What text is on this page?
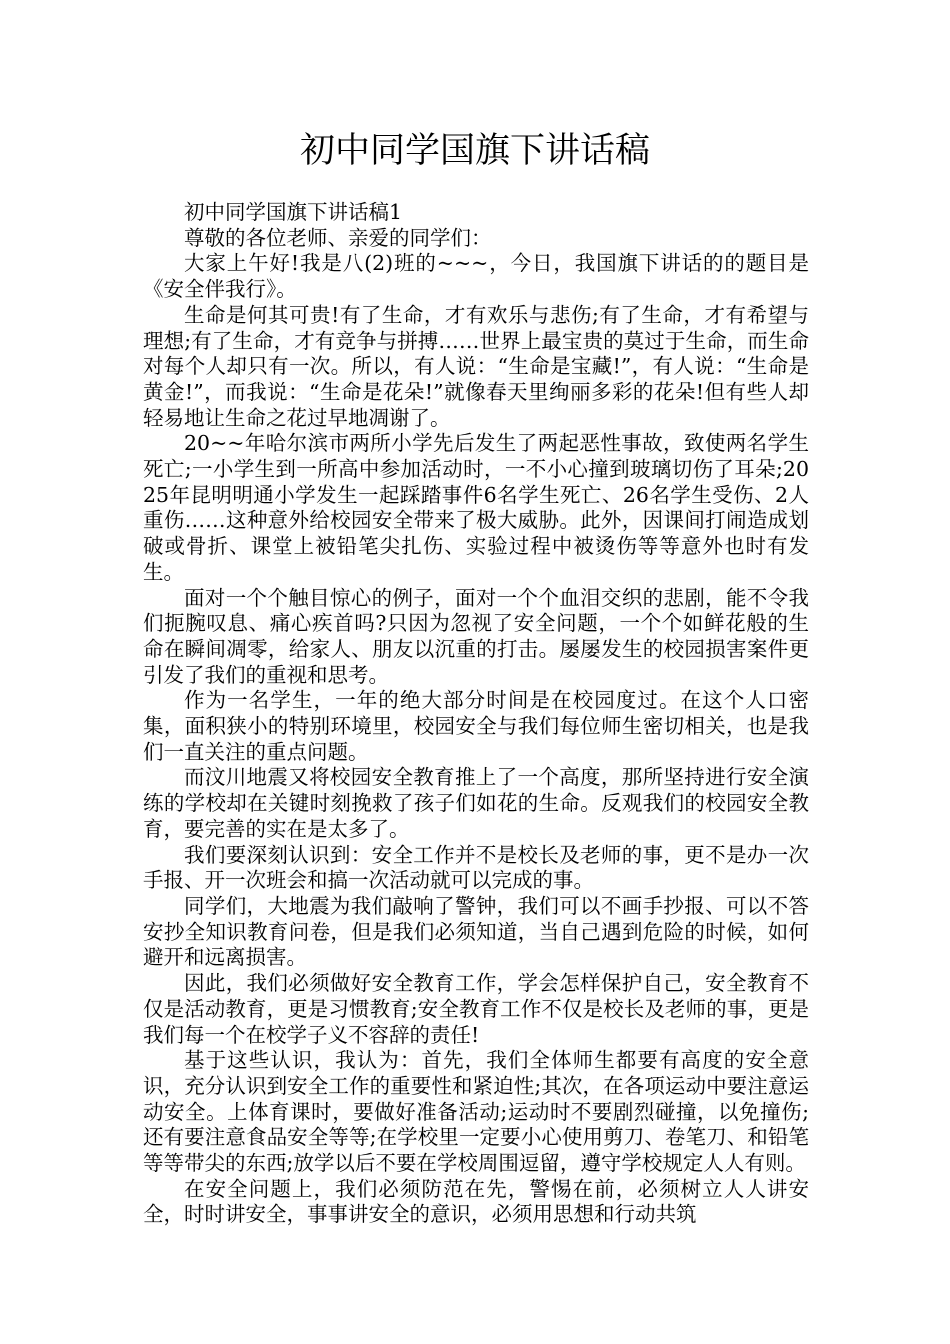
初中同学国旗下讲话稿

初中同学国旗下讲话稿1

尊敬的各位老师、亲爱的同学们：

大家上午好!我是八(2)班的~~~，今日，我国旗下讲话的的题目是《安全伴我行》。

生命是何其可贵!有了生命，才有欢乐与悲伤;有了生命，才有希望与理想;有了生命，才有竞争与拼搏……世界上最宝贵的莫过于生命，而生命对每个人却只有一次。所以，有人说：“生命是宝藏!”，有人说：“生命是黄金!”，而我说：“生命是花朵!”就像春天里绚丽多彩的花朵!但有些人却轻易地让生命之花过早地凋谢了。

20~~年哈尔滨市两所小学先后发生了两起恶性事故，致使两名学生死亡;一小学生到一所高中参加活动时，一不小心撞到玻璃切伤了耳朵;2025年昆明明通小学发生一起踩踏事件6名学生死亡、26名学生受伤、2人重伤……这种意外给校园安全带来了极大威胁。此外，因课间打闹造成划破或骨折、课堂上被铅笔尖扎伤、实验过程中被烫伤等等意外也时有发生。

面对一个个触目惊心的例子，面对一个个血泪交织的悲剧，能不令我们扼腕叹息、痛心疾首吗?只因为忽视了安全问题，一个个如鲜花般的生命在瞬间凋零，给家人、朋友以沉重的打击。屡屡发生的校园损害案件更引发了我们的重视和思考。

作为一名学生，一年的绝大部分时间是在校园度过。在这个人口密集，面积狭小的特别环境里，校园安全与我们每位师生密切相关，也是我们一直关注的重点问题。

而汶川地震又将校园安全教育推上了一个高度，那所坚持进行安全演练的学校却在关键时刻挽救了孩子们如花的生命。反观我们的校园安全教育，要完善的实在是太多了。

我们要深刻认识到：安全工作并不是校长及老师的事，更不是办一次手报、开一次班会和搞一次活动就可以完成的事。

同学们，大地震为我们敲响了警钟，我们可以不画手抄报、可以不答安抄全知识教育问卷，但是我们必须知道，当自己遇到危险的时候，如何避开和远离损害。

因此，我们必须做好安全教育工作，学会怎样保护自己，安全教育不仅是活动教育，更是习惯教育;安全教育工作不仅是校长及老师的事，更是我们每一个在校学子义不容辞的责任!

基于这些认识，我认为：首先，我们全体师生都要有高度的安全意识，充分认识到安全工作的重要性和紧迫性;其次，在各项运动中要注意运动安全。上体育课时，要做好准备活动;运动时不要剧烈碰撞，以免撞伤;还有要注意食品安全等等;在学校里一定要小心使用剪刀、卷笔刀、和铅笔等等带尖的东西;放学以后不要在学校周围逗留，遵守学校规定人人有则。

在安全问题上，我们必须防范在先，警惕在前，必须树立人人讲安全，时时讲安全，事事讲安全的意识，必须用思想和行动共筑
